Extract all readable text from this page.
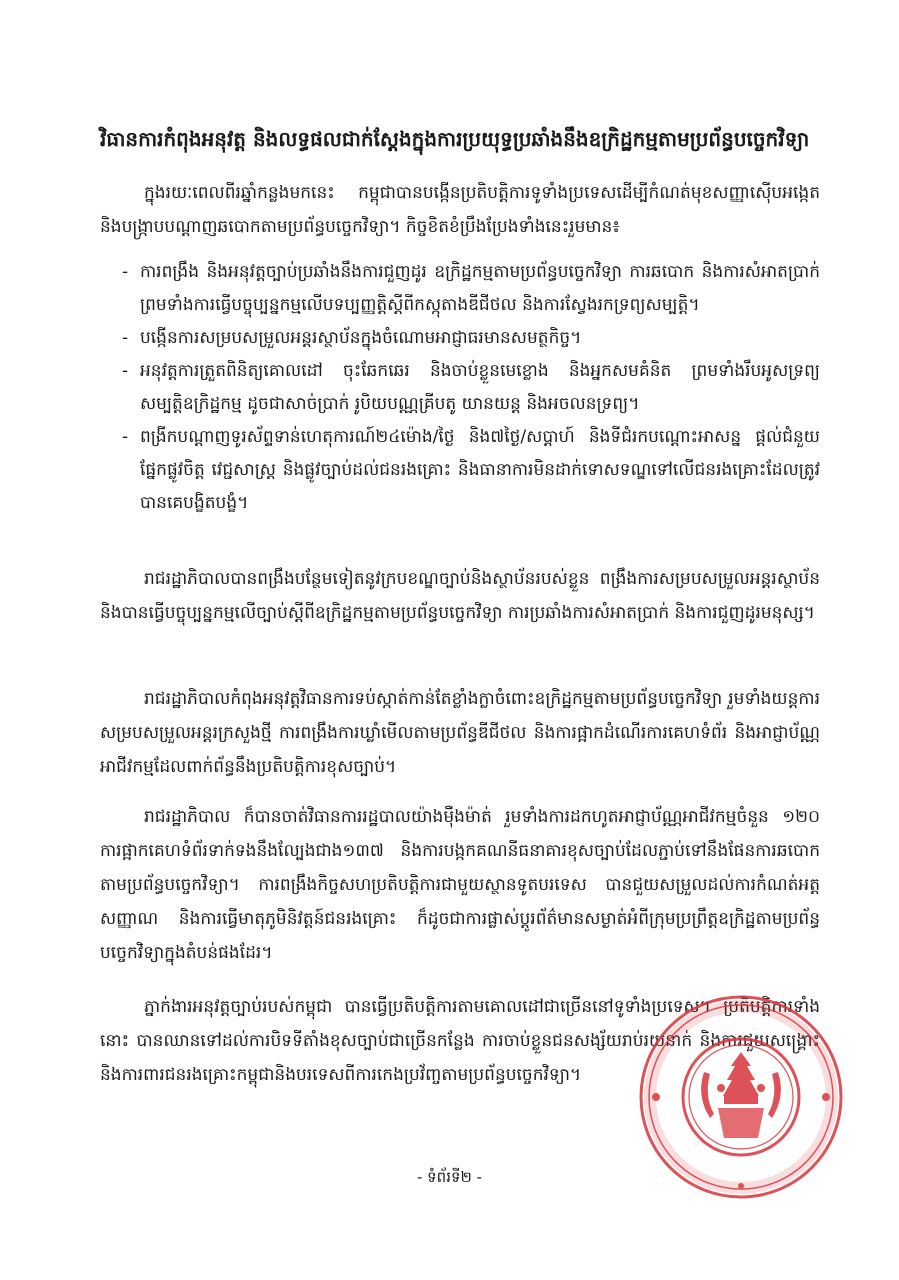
វិធានការកំពុងអនុវត្ត និងលទ្ធផលជាក់ស្តែងក្នុងការប្រយុទ្ធប្រឆាំងនឹងឧក្រិដ្ឋកម្មតាមប្រព័ន្ធបច្ចេកវិទ្យា
ក្នុងរយៈពេលពីរឆ្នាំកន្លងមកនេះ កម្ពុជាបានបង្កើនប្រតិបត្តិការទូទាំងប្រទេសដើម្បីកំណត់មុខសញ្ញាស៊ើបអង្កេត និងបង្ក្រាបបណ្តាញឆបោកតាមប្រព័ន្ធបច្ចេកវិទ្យា។ កិច្ចខិតខំប្រឹងប្រែងទាំងនេះរួមមាន៖
- ការពង្រឹង និងអនុវត្តច្បាប់ប្រឆាំងនឹងការជួញដូរ ឧក្រិដ្ឋកម្មតាមប្រព័ន្ធបច្ចេកវិទ្យា ការឆបោក និងការសំអាតប្រាក់ ព្រមទាំងការធ្វើបច្ចុប្បន្នកម្មលើបទប្បញ្ញត្តិស្តីពីកស្កុតាងឌីជីថល និងការស្វែងរកទ្រព្យសម្បត្តិ។
- បង្កើនការសម្របសម្រួលអន្តរស្ថាប័នក្នុងចំណោមអាជ្ញាធរមានសមត្ថកិច្ច។
- អនុវត្តការត្រួតពិនិត្យគោលដៅ ចុះឆែកឆេរ និងចាប់ខ្លួនមេខ្លោង និងអ្នកសមគំនិត ព្រមទាំងរឹបអូសទ្រព្យសម្បត្តិឧក្រិដ្ឋកម្ម ដូចជាសាច់ប្រាក់ រូបិយបណ្ណគ្រីបតូ យានយន្ត និងអចលនទ្រព្យ។
- ពង្រីកបណ្តាញទូរស័ព្ទទាន់ហេតុការណ៍២៤ម៉ោង/ថ្ងៃ និង៧ថ្ងៃ/សប្តាហ៍ និងទីជំរកបណ្តោះអាសន្ន ផ្តល់ជំនួយផ្នែកផ្លូវចិត្ត វេជ្ជសាស្ត្រ និងផ្លូវច្បាប់ដល់ជនរងគ្រោះ និងធានាការមិនដាក់ទោសទណ្ឌទៅលើជនរងគ្រោះដែលត្រូវបានគេបង្ខិតបង្ខំ។
រាជរដ្ឋាភិបាលបានពង្រឹងបន្ថែមទៀតនូវក្របខណ្ឌច្បាប់និងស្ថាប័នរបស់ខ្លួន ពង្រឹងការសម្របសម្រួលអន្តរស្ថាប័ន និងបានធ្វើបច្ចុប្បន្នកម្មលើច្បាប់ស្តីពីឧក្រិដ្ឋកម្មតាមប្រព័ន្ធបច្ចេកវិទ្យា ការប្រឆាំងការសំអាតប្រាក់ និងការជួញដូរមនុស្ស។
រាជរដ្ឋាភិបាលកំពុងអនុវត្តវិធានការទប់ស្កាត់កាន់តែខ្លាំងក្លាចំពោះឧក្រិដ្ឋកម្មតាមប្រព័ន្ធបច្ចេកវិទ្យា រួមទាំងយន្តការសម្របសម្រួលអន្តរក្រសួងថ្មី ការពង្រឹងការឃ្លាំមើលតាមប្រព័ន្ធឌីជីថល និងការផ្អាកដំណើរការគេហទំព័រ និងអាជ្ញាប័ណ្ណអាជីវកម្មដែលពាក់ព័ន្ធនឹងប្រតិបត្តិការខុសច្បាប់។
រាជរដ្ឋាភិបាល ក៏បានចាត់វិធានការរដ្ឋបាលយ៉ាងម៉ឺងម៉ាត់ រួមទាំងការដកហូតអាជ្ញាប័ណ្ណអាជីវកម្មចំនួន ១២០ ការផ្អាកគេហទំព័រទាក់ទងនឹងល្បែងជាង១៣៧ និងការបង្កកគណនីធនាគារខុសច្បាប់ដែលភ្ជាប់ទៅនឹងផែនការឆបោកតាមប្រព័ន្ធបច្ចេកវិទ្យា។ ការពង្រឹងកិច្ចសហប្រតិបត្តិការជាមួយស្ថានទូតបរទេស បានជួយសម្រួលដល់ការកំណត់អត្តសញ្ញាណ និងការធ្វើមាតុភូមិនិវត្តន៍ជនរងគ្រោះ ក៏ដូចជាការផ្លាស់ប្តូរព័ត៌មានសម្ងាត់អំពីក្រុមប្រព្រឹត្តឧក្រិដ្ឋតាមប្រព័ន្ធបច្ចេកវិទ្យាក្នុងតំបន់ផងដែរ។
ភ្នាក់ងារអនុវត្តច្បាប់របស់កម្ពុជា បានធ្វើប្រតិបត្តិការតាមគោលដៅជាច្រើននៅទូទាំងប្រទេស។ ប្រតិបត្តិការទាំងនោះ បានឈានទៅដល់ការបិទទីតាំងខុសច្បាប់ជាច្រើនកន្លែង ការចាប់ខ្លួនជនសង្ស័យរាប់រយនាក់ និងការជួយសង្គ្រោះនិងការពារជនរងគ្រោះកម្ពុជានិងបរទេសពីការកេងប្រវ័ញ្ចតាមប្រព័ន្ធបច្ចេកវិទ្យា។
- ទំព័រទី២ -
